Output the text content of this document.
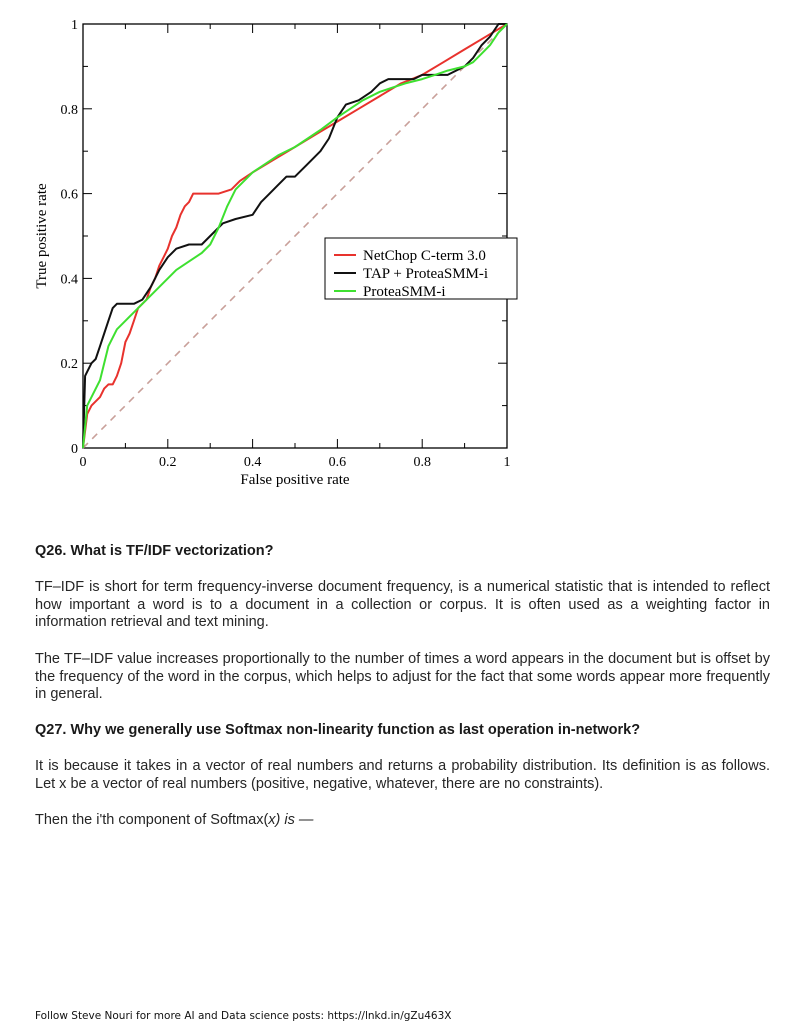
0	0.2	0.4	0.6	0.8	1
0
0.2
0.4
0.6
0.8
1
False positive rate
True positive rate	NetChop C-term 3.0
TAP + ProteaSMM-i
ProteaSMM-i
Q26. What is TF/IDF vectorization?
TF–IDF is short for term frequency-inverse document frequency, is a numerical statistic that is intended to reflect how important a word is to a document in a collection or corpus. It is often used as a weighting factor in information retrieval and text mining.
The TF–IDF value increases proportionally to the number of times a word appears in the document but is offset by the frequency of the word in the corpus, which helps to adjust for the fact that some words appear more frequently in general.
Q27. Why we generally use Softmax non-linearity function as last operation in-network?
It is because it takes in a vector of real numbers and returns a probability distribution. Its definition is as follows. Let x be a vector of real numbers (positive, negative, whatever, there are no constraints).
Then the i'th component of Softmax(x) is —
Follow Steve Nouri for more AI and Data science posts: https://lnkd.in/gZu463X
